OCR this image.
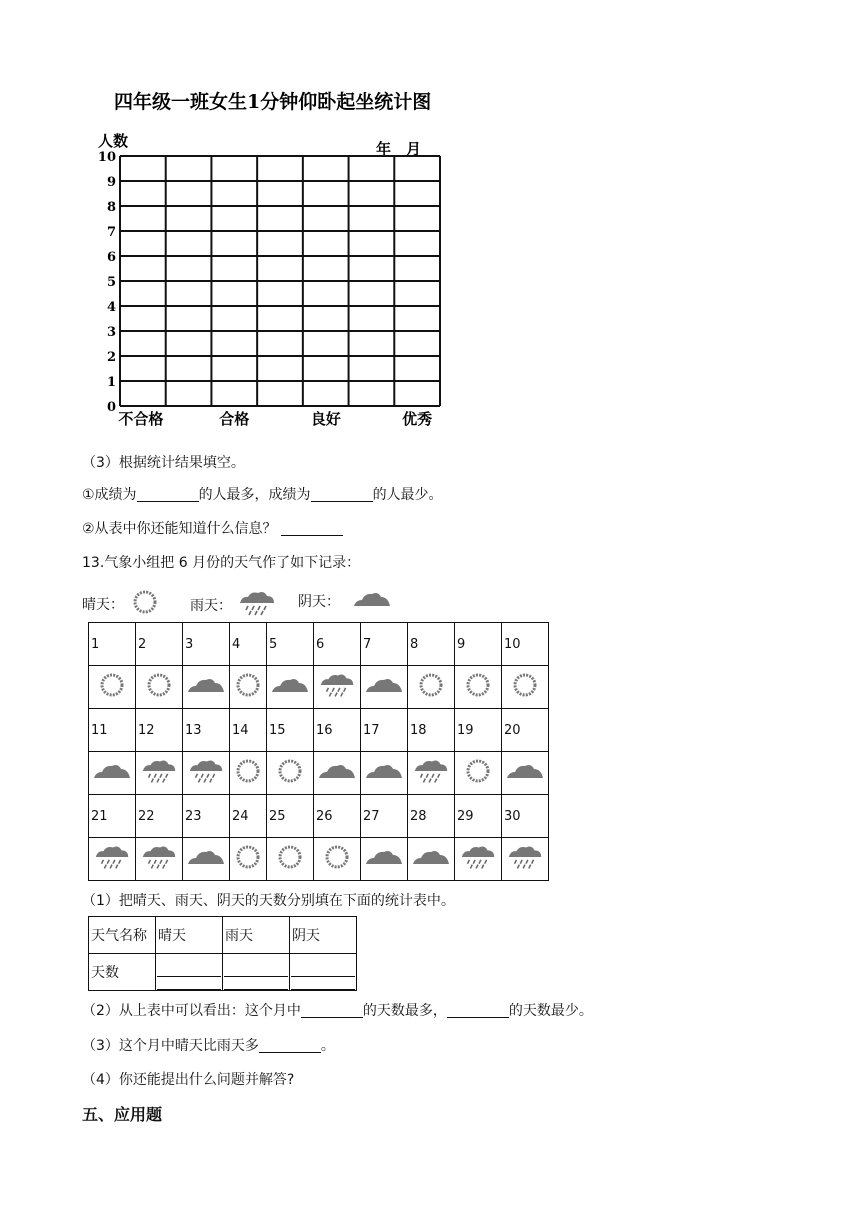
四年级一班女生1分钟仰卧起坐统计图
人数	年　月
0
1
2
3
4
5
6
7
8
9
10
不合格	合格	良好	优秀
（3）根据统计结果填空。
①成绩为	的人最多，成绩为	的人最少。
②从表中你还能知道什么信息？
13.气象小组把 6 月份的天气作了如下记录：
晴天：	雨天：	阴天：
1	2	3	4	5	6	7	8	9	10

11	12	13	14	15	16	17	18	19	20

21	22	23	24	25	26	27	28	29	30

（1）把晴天、雨天、阴天的天数分别填在下面的统计表中。
天气名称	晴天	雨天	阴天
天数	

（2）从上表中可以看出：这个月中	的天数最多，	的天数最少。
（3）这个月中晴天比雨天多	。
（4）你还能提出什么问题并解答?
五、应用题
